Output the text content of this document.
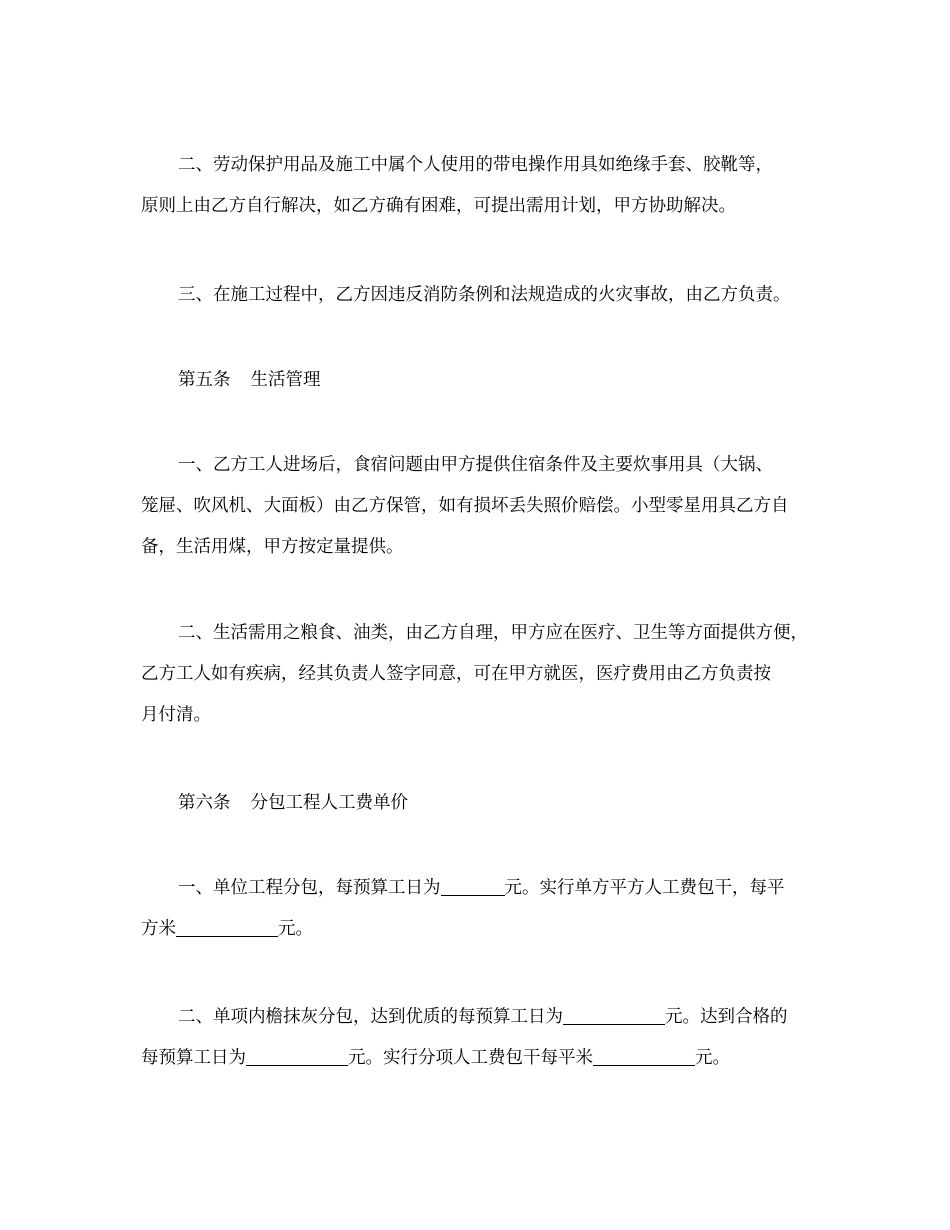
二、劳动保护用品及施工中属个人使用的带电操作用具如绝缘手套、胶靴等，
原则上由乙方自行解决，如乙方确有困难，可提出需用计划，甲方协助解决。

三、在施工过程中，乙方因违反消防条例和法规造成的火灾事故，由乙方负责。

第五条 生活管理

一、乙方工人进场后，食宿问题由甲方提供住宿条件及主要炊事用具（大锅、
笼屉、吹风机、大面板）由乙方保管，如有损坏丢失照价赔偿。小型零星用具乙方自
备，生活用煤，甲方按定量提供。

二、生活需用之粮食、油类，由乙方自理，甲方应在医疗、卫生等方面提供方便，
乙方工人如有疾病，经其负责人签字同意，可在甲方就医，医疗费用由乙方负责按
月付清。

第六条 分包工程人工费单价

一、单位工程分包，每预算工日为	元。实行单方平方人工费包干，每平
方米	元。

二、单项内檐抹灰分包，达到优质的每预算工日为	元。达到合格的
每预算工日为	元。实行分项人工费包干每平米	元。
